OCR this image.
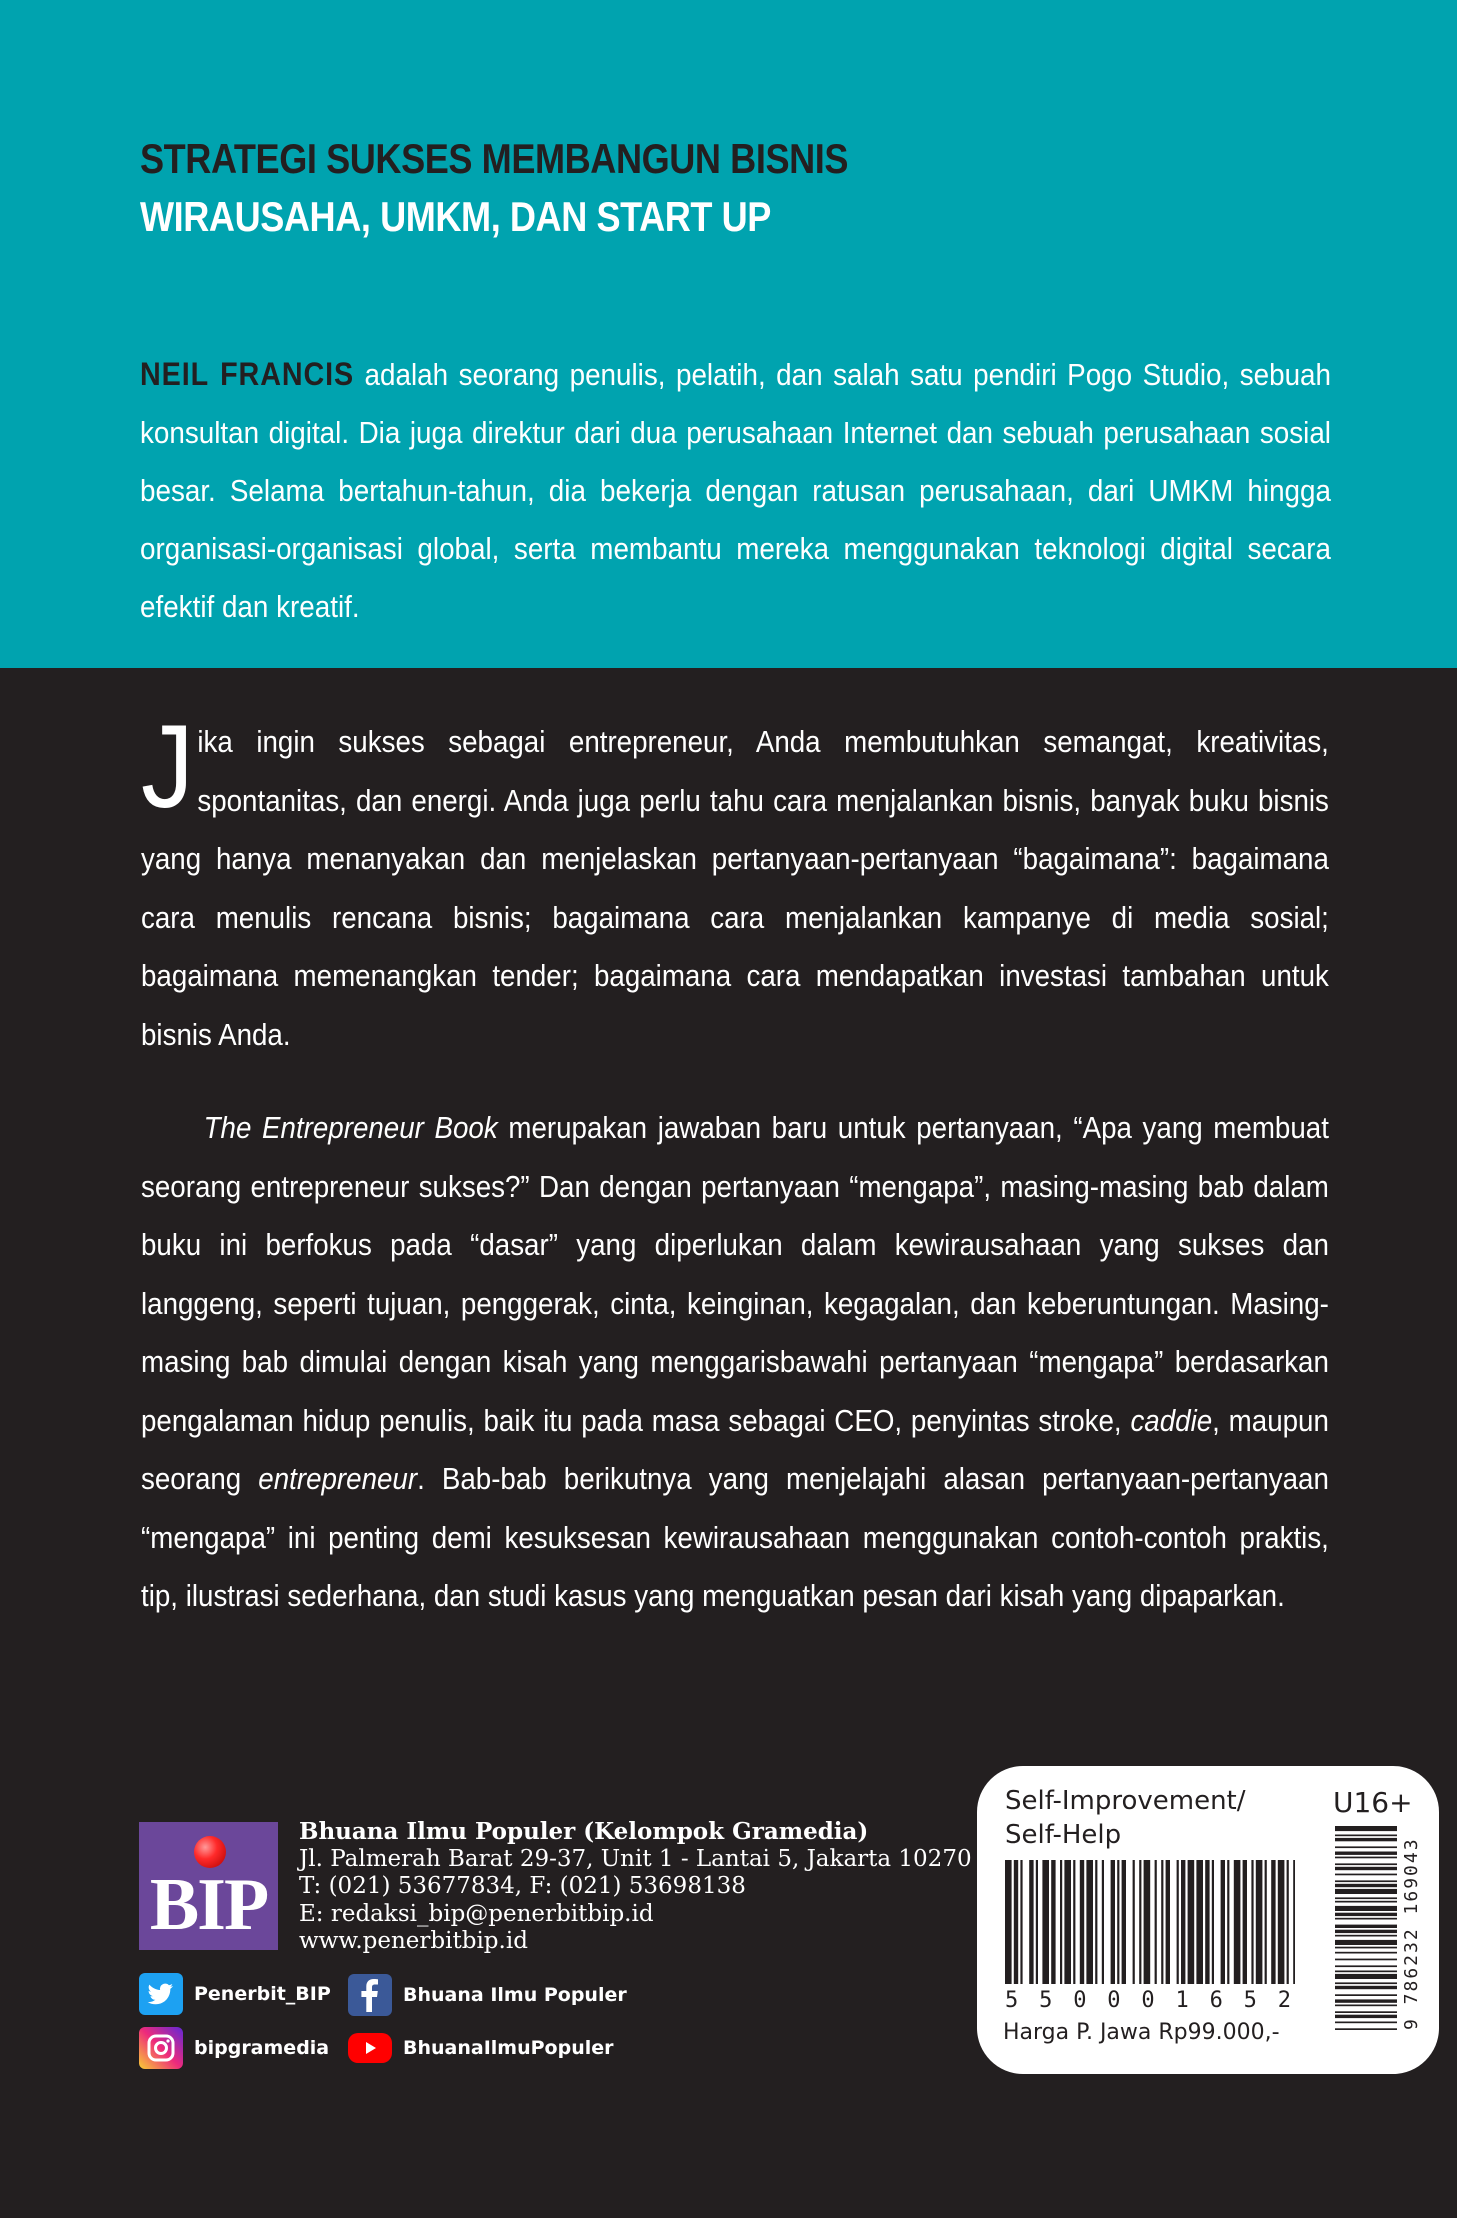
STRATEGI SUKSES MEMBANGUN BISNIS
WIRAUSAHA, UMKM, DAN START UP

NEIL FRANCIS adalah seorang penulis, pelatih, dan salah satu pendiri Pogo Studio, sebuah konsultan digital. Dia juga direktur dari dua perusahaan Internet dan sebuah perusahaan sosial besar. Selama bertahun-tahun, dia bekerja dengan ratusan perusahaan, dari UMKM hingga organisasi-organisasi global, serta membantu mereka menggunakan teknologi digital secara efektif dan kreatif.

Jika ingin sukses sebagai entrepreneur, Anda membutuhkan semangat, kreativitas, spontanitas, dan energi. Anda juga perlu tahu cara menjalankan bisnis, banyak buku bisnis yang hanya menanyakan dan menjelaskan pertanyaan-pertanyaan “bagaimana”: bagaimana cara menulis rencana bisnis; bagaimana cara menjalankan kampanye di media sosial; bagaimana memenangkan tender; bagaimana cara mendapatkan investasi tambahan untuk bisnis Anda.

The Entrepreneur Book merupakan jawaban baru untuk pertanyaan, “Apa yang membuat seorang entrepreneur sukses?” Dan dengan pertanyaan “mengapa”, masing-masing bab dalam buku ini berfokus pada “dasar” yang diperlukan dalam kewirausahaan yang sukses dan langgeng, seperti tujuan, penggerak, cinta, keinginan, kegagalan, dan keberuntungan. Masing-masing bab dimulai dengan kisah yang menggarisbawahi pertanyaan “mengapa” berdasarkan pengalaman hidup penulis, baik itu pada masa sebagai CEO, penyintas stroke, caddie, maupun seorang entrepreneur. Bab-bab berikutnya yang menjelajahi alasan pertanyaan-pertanyaan “mengapa” ini penting demi kesuksesan kewirausahaan menggunakan contoh-contoh praktis, tip, ilustrasi sederhana, dan studi kasus yang menguatkan pesan dari kisah yang dipaparkan.

BIP
Bhuana Ilmu Populer (Kelompok Gramedia)
Jl. Palmerah Barat 29-37, Unit 1 - Lantai 5, Jakarta 10270
T: (021) 53677834, F: (021) 53698138
E: redaksi_bip@penerbitbip.id
www.penerbitbip.id
Penerbit_BIP	Bhuana Ilmu Populer
bipgramedia	BhuanaIlmuPopuler
Self-Improvement/
Self-Help
U16+
5 5 0 0 0 1 6 5 2	9 786232 169043
Harga P. Jawa Rp99.000,-
